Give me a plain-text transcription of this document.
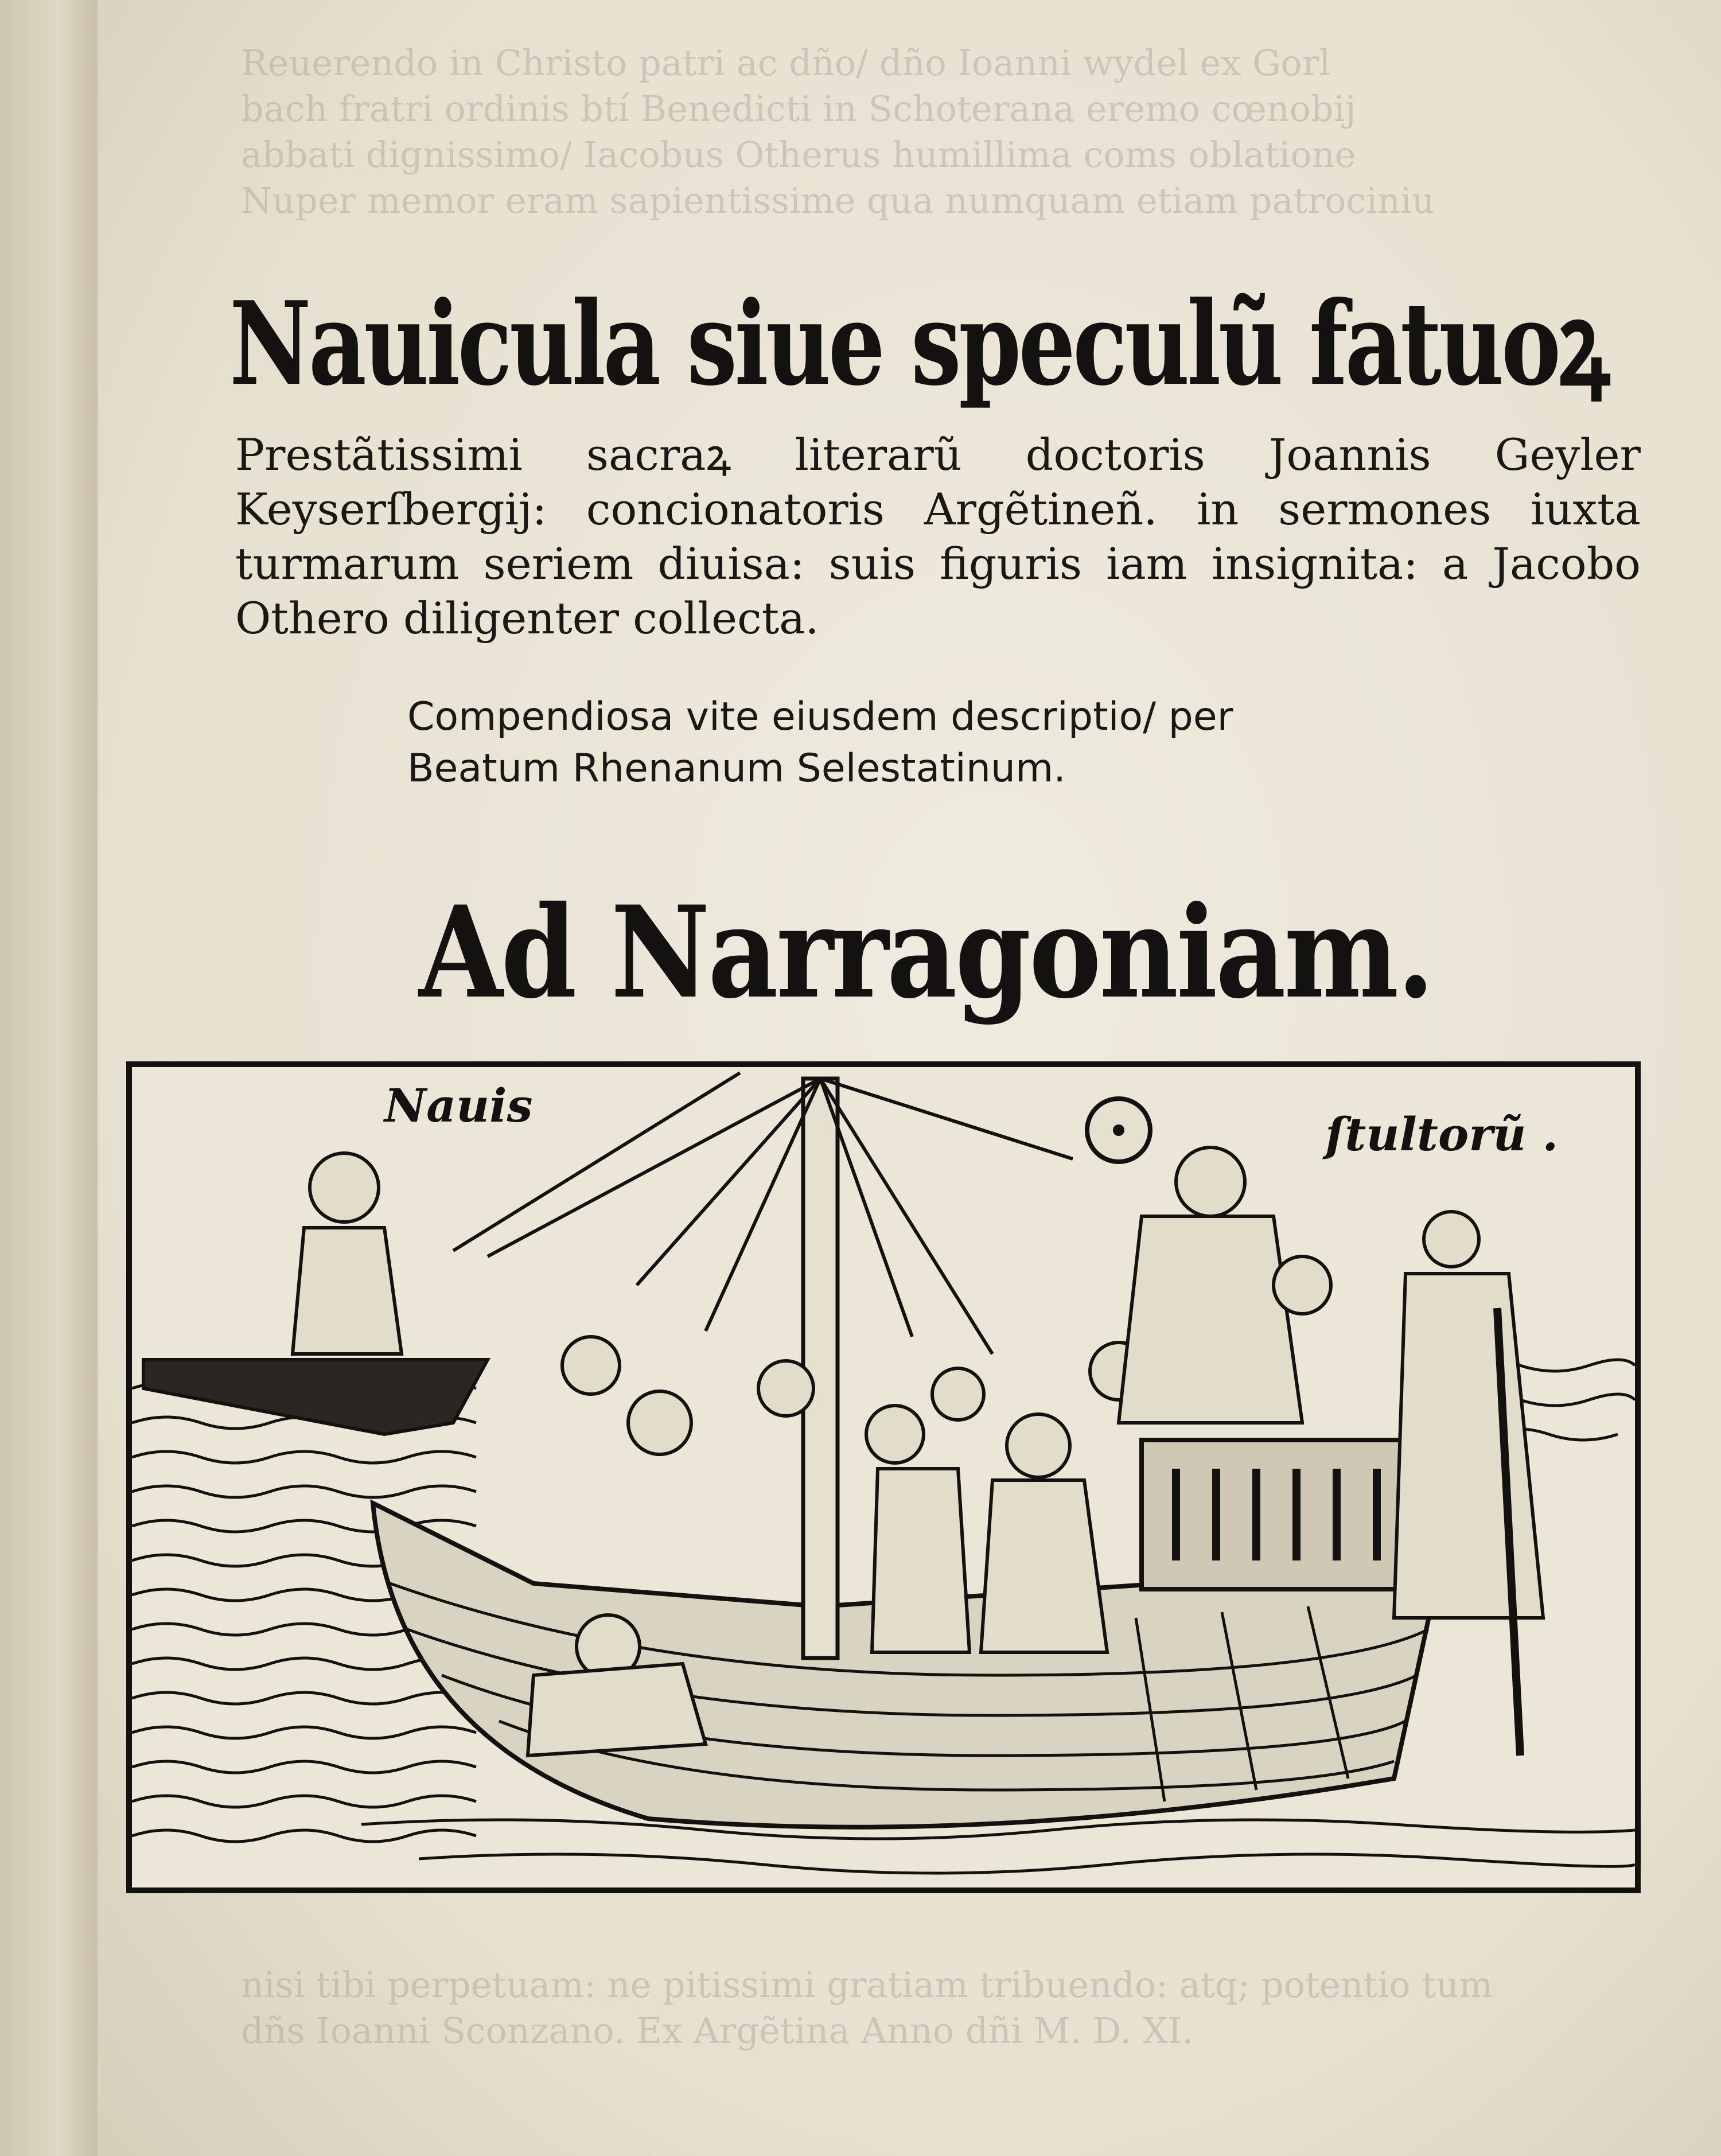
Reuerendo in Christo patri ac dño/ dño Ioanni wydel ex Gorl
bach fratri ordinis btí Benedicti in Schoterana eremo cœnobij
abbati dignissimo/ Iacobus Otherus humillima coms oblatione
Nuper memor eram sapientissime qua numquam etiam patrociniu
Nauicula siue speculũ fatuoꝝ
Prestãtissimi sacraꝝ literarũ doctoris Joannis Geyler Keyserſbergij: concionatoris Argẽtineñ. in sermones iuxta turmarum seriem diuisa: suis figuris iam insignita: a Jacobo Othero diligenter collecta.
Compendiosa vite eiusdem descriptio/ per
Beatum Rhenanum Selestatinum.
Ad Narragoniam.
Nauis
ſtultorũ .
nisi tibi perpetuam: ne pitissimi gratiam tribuendo: atq; potentio tum
dñs Ioanni Sconzano. Ex Argẽtina Anno dñi M. D. XI.
